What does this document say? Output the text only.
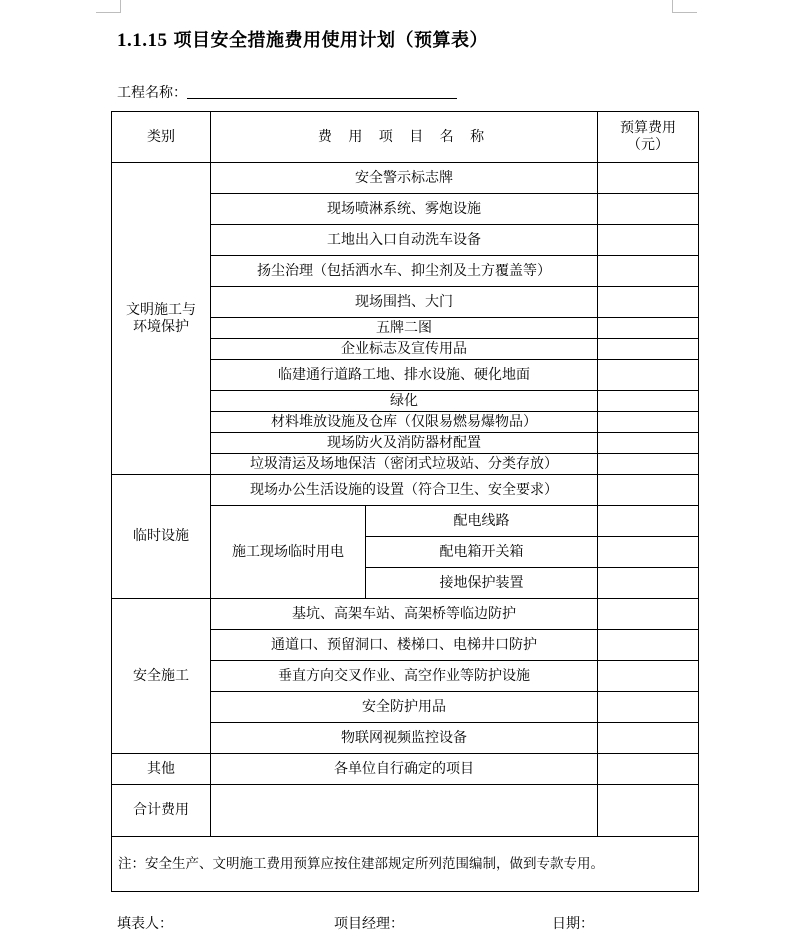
1.1.15 项目安全措施费用使用计划（预算表）
工程名称：
类别	费 用 项 目 名 称		预算费用
（元）

文明施工与
环境保护	安全警示标志牌		
	现场喷淋系统、雾炮设施		
	工地出入口自动洗车设备		
	扬尘治理（包括洒水车、抑尘剂及土方覆盖等）		
	现场围挡、大门		
	五牌二图		
	企业标志及宣传用品		
	临建通行道路工地、排水设施、硬化地面		
	绿化		
	材料堆放设施及仓库（仅限易燃易爆物品）		
	现场防火及消防器材配置		
	垃圾清运及场地保洁（密闭式垃圾站、分类存放）		
临时设施	现场办公生活设施的设置（符合卫生、安全要求）		
	施工现场临时用电	配电线路	
		配电箱开关箱	
		接地保护装置	
安全施工	基坑、高架车站、高架桥等临边防护		
	通道口、预留洞口、楼梯口、电梯井口防护		
	垂直方向交叉作业、高空作业等防护设施		
	安全防护用品		
	物联网视频监控设备		
其他	各单位自行确定的项目		
合计费用			
注：安全生产、文明施工费用预算应按住建部规定所列范围编制，做到专款专用。			
填表人：	项目经理：	日期：
